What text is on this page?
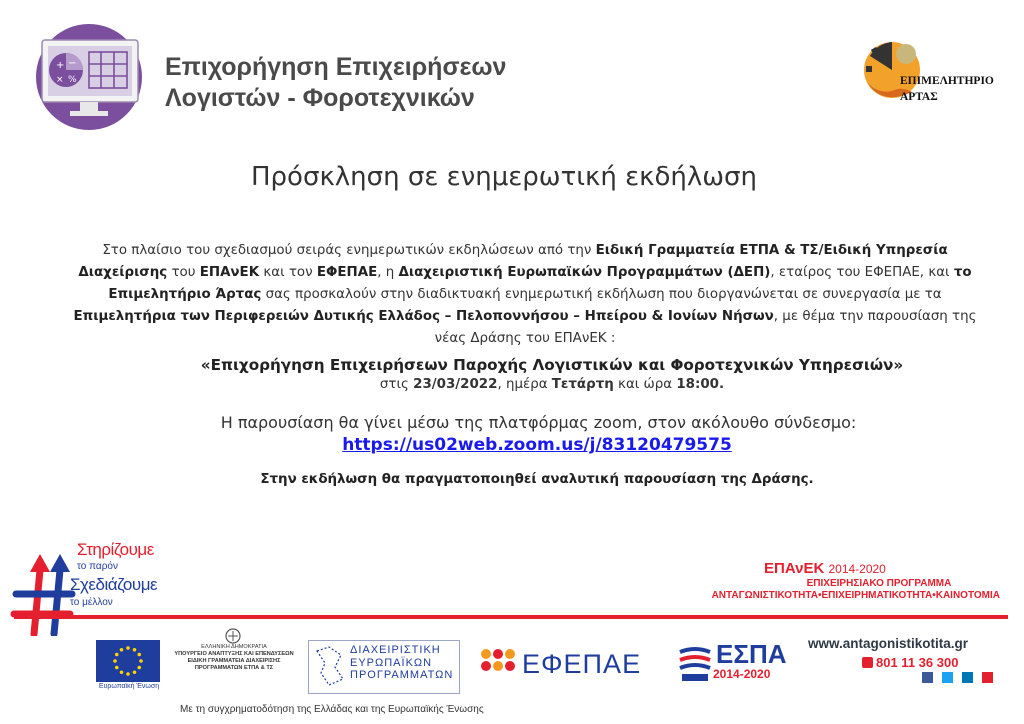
+ −
× %	Επιχορήγηση Επιχειρήσεων
Λογιστών - Φοροτεχνικών
ΕΠΙΜΕΛΗΤΗΡΙΟ
ΑΡΤΑΣ
Πρόσκληση σε ενημερωτική εκδήλωση
Στο πλαίσιο του σχεδιασμού σειράς ενημερωτικών εκδηλώσεων από την Ειδική Γραμματεία ΕΤΠΑ & ΤΣ/Ειδική Υπηρεσία Διαχείρισης του ΕΠΑνΕΚ και τον ΕΦΕΠΑΕ, η Διαχειριστική Ευρωπαϊκών Προγραμμάτων (ΔΕΠ), εταίρος του ΕΦΕΠΑΕ, και το Επιμελητήριο Άρτας σας προσκαλούν στην διαδικτυακή ενημερωτική εκδήλωση που διοργανώνεται σε συνεργασία με τα Επιμελητήρια των Περιφερειών Δυτικής Ελλάδος – Πελοποννήσου – Ηπείρου & Ιονίων Νήσων, με θέμα την παρουσίαση της νέας Δράσης του ΕΠΑνΕΚ :
«Επιχορήγηση Επιχειρήσεων Παροχής Λογιστικών και Φοροτεχνικών Υπηρεσιών»
στις 23/03/2022, ημέρα Τετάρτη και ώρα 18:00.
Η παρουσίαση θα γίνει μέσω της πλατφόρμας zoom, στον ακόλουθο σύνδεσμο:
https://us02web.zoom.us/j/83120479575
Στην εκδήλωση θα πραγματοποιηθεί αναλυτική παρουσίαση της Δράσης.
Στηρίζουμε
το παρόν
Σχεδιάζουμε
το μέλλον
ΕΠΑνΕΚ 2014-2020
ΕΠΙΧΕΙΡΗΣΙΑΚΟ ΠΡΟΓΡΑΜΜΑ
ΑΝΤΑΓΩΝΙΣΤΙΚΟΤΗΤΑ•ΕΠΙΧΕΙΡΗΜΑΤΙΚΟΤΗΤΑ•ΚΑΙΝΟΤΟΜΙΑ
Ευρωπαϊκή Ένωση
ΕΛΛΗΝΙΚΗ ΔΗΜΟΚΡΑΤΙΑ
ΥΠΟΥΡΓΕΙΟ ΑΝΑΠΤΥΞΗΣ ΚΑΙ ΕΠΕΝΔΥΣΕΩΝ
ΕΙΔΙΚΗ ΓΡΑΜΜΑΤΕΙΑ ΔΙΑΧΕΙΡΙΣΗΣ ΠΡΟΓΡΑΜΜΑΤΩΝ ΕΤΠΑ & ΤΣ
ΔΙΑΧΕΙΡΙΣΤΙΚΗ
ΕΥΡΩΠΑΪΚΩΝ
ΠΡΟΓΡΑΜΜΑΤΩΝ	ΕΦΕΠΑΕ	ΕΣΠΑ
2014-2020
www.antagonistikotita.gr
801 11 36 300
Με τη συγχρηματοδότηση της Ελλάδας και της Ευρωπαϊκής Ένωσης
